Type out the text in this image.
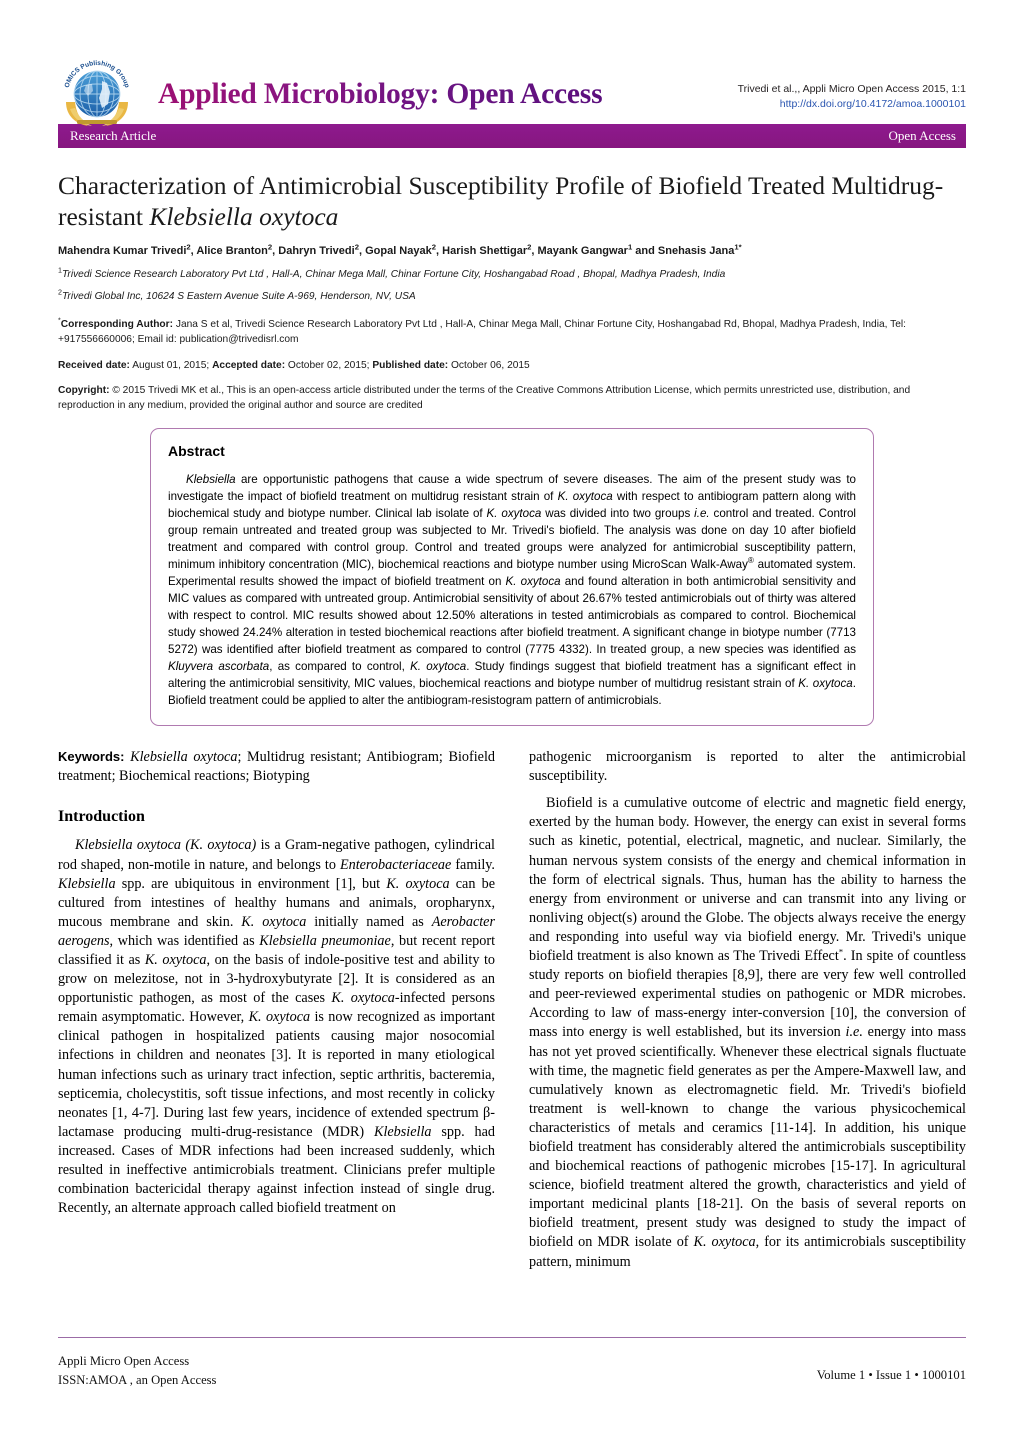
OMICS Publishing Group Applied Microbiology: Open Access	Trivedi et al.,, Appli Micro Open Access 2015, 1:1
http://dx.doi.org/10.4172/amoa.1000101
Research Article	Open Access
Characterization of Antimicrobial Susceptibility Profile of Biofield Treated Multidrug-resistant Klebsiella oxytoca
Mahendra Kumar Trivedi$^2$, Alice Branton$^2$, Dahryn Trivedi$^2$, Gopal Nayak$^2$, Harish Shettigar$^2$, Mayank Gangwar$^1$ and Snehasis Jana$^{1*}$
$^1$Trivedi Science Research Laboratory Pvt Ltd , Hall-A, Chinar Mega Mall, Chinar Fortune City, Hoshangabad Road , Bhopal, Madhya Pradesh, India
$^2$Trivedi Global Inc, 10624 S Eastern Avenue Suite A-969, Henderson, NV, USA

*Corresponding Author: Jana S et al, Trivedi Science Research Laboratory Pvt Ltd , Hall-A, Chinar Mega Mall, Chinar Fortune City, Hoshangabad Rd, Bhopal, Madhya Pradesh, India, Tel: +917556660006; Email id: publication@trivedisrl.com

Received date: August 01, 2015; Accepted date: October 02, 2015; Published date: October 06, 2015

Copyright: © 2015 Trivedi MK et al., This is an open-access article distributed under the terms of the Creative Commons Attribution License, which permits unrestricted use, distribution, and reproduction in any medium, provided the original author and source are credited

Abstract

Klebsiella are opportunistic pathogens that cause a wide spectrum of severe diseases. The aim of the present study was to investigate the impact of biofield treatment on multidrug resistant strain of K. oxytoca with respect to antibiogram pattern along with biochemical study and biotype number. Clinical lab isolate of K. oxytoca was divided into two groups i.e. control and treated. Control group remain untreated and treated group was subjected to Mr. Trivedi's biofield. The analysis was done on day 10 after biofield treatment and compared with control group. Control and treated groups were analyzed for antimicrobial susceptibility pattern, minimum inhibitory concentration (MIC), biochemical reactions and biotype number using MicroScan Walk-Away® automated system. Experimental results showed the impact of biofield treatment on K. oxytoca and found alteration in both antimicrobial sensitivity and MIC values as compared with untreated group. Antimicrobial sensitivity of about 26.67% tested antimicrobials out of thirty was altered with respect to control. MIC results showed about 12.50% alterations in tested antimicrobials as compared to control. Biochemical study showed 24.24% alteration in tested biochemical reactions after biofield treatment. A significant change in biotype number (7713 5272) was identified after biofield treatment as compared to control (7775 4332). In treated group, a new species was identified as Kluyvera ascorbata, as compared to control, K. oxytoca. Study findings suggest that biofield treatment has a significant effect in altering the antimicrobial sensitivity, MIC values, biochemical reactions and biotype number of multidrug resistant strain of K. oxytoca. Biofield treatment could be applied to alter the antibiogram-resistogram pattern of antimicrobials.

Keywords: Klebsiella oxytoca; Multidrug resistant; Antibiogram; Biofield treatment; Biochemical reactions; Biotyping

Introduction

Klebsiella oxytoca (K. oxytoca) is a Gram-negative pathogen, cylindrical rod shaped, non-motile in nature, and belongs to Enterobacteriaceae family. Klebsiella spp. are ubiquitous in environment [1], but K. oxytoca can be cultured from intestines of healthy humans and animals, oropharynx, mucous membrane and skin. K. oxytoca initially named as Aerobacter aerogens, which was identified as Klebsiella pneumoniae, but recent report classified it as K. oxytoca, on the basis of indole-positive test and ability to grow on melezitose, not in 3-hydroxybutyrate [2]. It is considered as an opportunistic pathogen, as most of the cases K. oxytoca-infected persons remain asymptomatic. However, K. oxytoca is now recognized as important clinical pathogen in hospitalized patients causing major nosocomial infections in children and neonates [3]. It is reported in many etiological human infections such as urinary tract infection, septic arthritis, bacteremia, septicemia, cholecystitis, soft tissue infections, and most recently in colicky neonates [1, 4-7]. During last few years, incidence of extended spectrum β-lactamase producing multi-drug-resistance (MDR) Klebsiella spp. had increased. Cases of MDR infections had been increased suddenly, which resulted in ineffective antimicrobials treatment. Clinicians prefer multiple combination bactericidal therapy against infection instead of single drug. Recently, an alternate approach called biofield treatment on

pathogenic microorganism is reported to alter the antimicrobial susceptibility.

Biofield is a cumulative outcome of electric and magnetic field energy, exerted by the human body. However, the energy can exist in several forms such as kinetic, potential, electrical, magnetic, and nuclear. Similarly, the human nervous system consists of the energy and chemical information in the form of electrical signals. Thus, human has the ability to harness the energy from environment or universe and can transmit into any living or nonliving object(s) around the Globe. The objects always receive the energy and responding into useful way via biofield energy. Mr. Trivedi's unique biofield treatment is also known as The Trivedi Effect*. In spite of countless study reports on biofield therapies [8,9], there are very few well controlled and peer-reviewed experimental studies on pathogenic or MDR microbes. According to law of mass-energy inter-conversion [10], the conversion of mass into energy is well established, but its inversion i.e. energy into mass has not yet proved scientifically. Whenever these electrical signals fluctuate with time, the magnetic field generates as per the Ampere-Maxwell law, and cumulatively known as electromagnetic field. Mr. Trivedi's biofield treatment is well-known to change the various physicochemical characteristics of metals and ceramics [11-14]. In addition, his unique biofield treatment has considerably altered the antimicrobials susceptibility and biochemical reactions of pathogenic microbes [15-17]. In agricultural science, biofield treatment altered the growth, characteristics and yield of important medicinal plants [18-21]. On the basis of several reports on biofield treatment, present study was designed to study the impact of biofield on MDR isolate of K. oxytoca, for its antimicrobials susceptibility pattern, minimum

Appli Micro Open Access
ISSN:AMOA , an Open Access	Volume 1 • Issue 1 • 1000101
